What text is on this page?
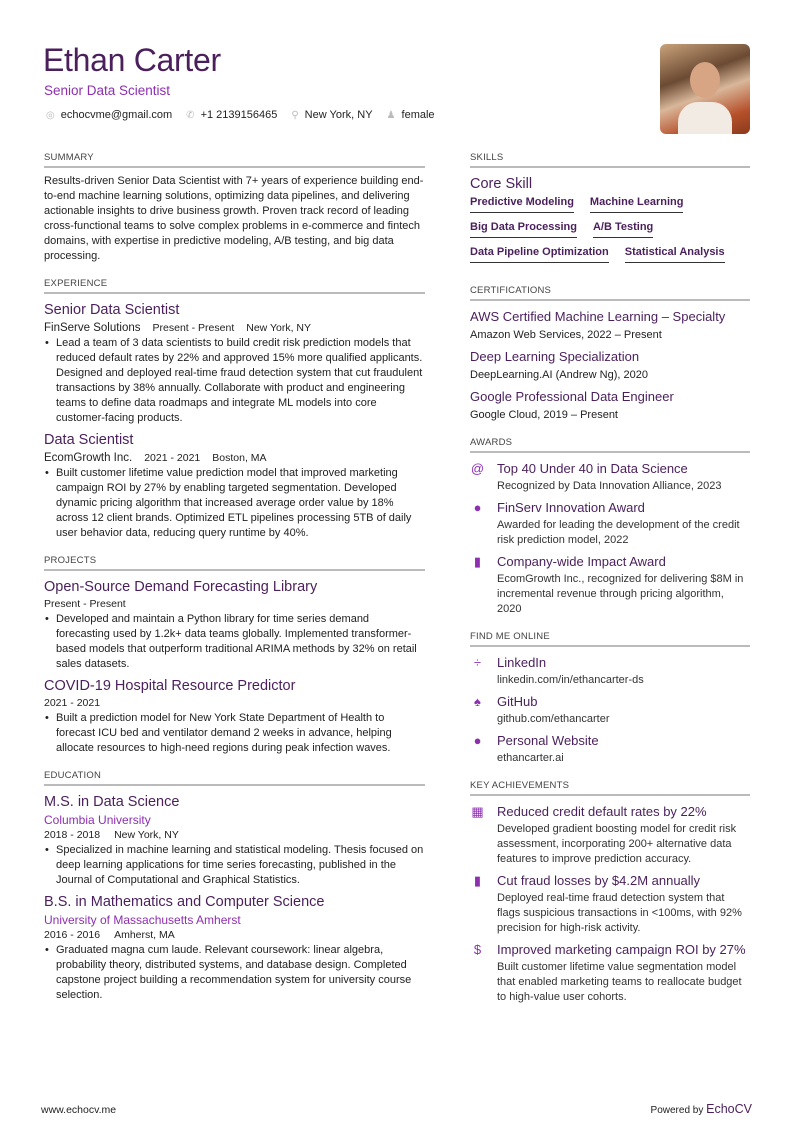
Ethan Carter
Senior Data Scientist
◎ echocvme@gmail.com ✆ +1 2139156465 ⚲ New York, NY ♟ female
SUMMARY

Results-driven Senior Data Scientist with 7+ years of experience building end-to-end machine learning solutions, optimizing data pipelines, and delivering actionable insights to drive business growth. Proven track record of leading cross-functional teams to solve complex problems in e-commerce and fintech domains, with expertise in predictive modeling, A/B testing, and big data processing.

EXPERIENCE
Senior Data Scientist
FinServe Solutions Present - Present New York, NY
• Lead a team of 3 data scientists to build credit risk prediction models that reduced default rates by 22% and approved 15% more qualified applicants. Designed and deployed real-time fraud detection system that cut fraudulent transactions by 38% annually. Collaborate with product and engineering teams to define data roadmaps and integrate ML models into core customer-facing products.
Data Scientist
EcomGrowth Inc. 2021 - 2021 Boston, MA
• Built customer lifetime value prediction model that improved marketing campaign ROI by 27% by enabling targeted segmentation. Developed dynamic pricing algorithm that increased average order value by 18% across 12 client brands. Optimized ETL pipelines processing 5TB of daily user behavior data, reducing query runtime by 40%.
PROJECTS
Open-Source Demand Forecasting Library
Present - Present
• Developed and maintain a Python library for time series demand forecasting used by 1.2k+ data teams globally. Implemented transformer-based models that outperform traditional ARIMA methods by 32% on retail sales datasets.
COVID-19 Hospital Resource Predictor
2021 - 2021
• Built a prediction model for New York State Department of Health to forecast ICU bed and ventilator demand 2 weeks in advance, helping allocate resources to high-need regions during peak infection waves.
EDUCATION
M.S. in Data Science
Columbia University
2018 - 2018 New York, NY
• Specialized in machine learning and statistical modeling. Thesis focused on deep learning applications for time series forecasting, published in the Journal of Computational and Graphical Statistics.
B.S. in Mathematics and Computer Science
University of Massachusetts Amherst
2016 - 2016 Amherst, MA
• Graduated magna cum laude. Relevant coursework: linear algebra, probability theory, distributed systems, and database design. Completed capstone project building a recommendation system for university course selection.
SKILLS
Core Skill
Predictive Modeling Machine Learning
Big Data Processing A/B Testing
Data Pipeline Optimization Statistical Analysis
CERTIFICATIONS
AWS Certified Machine Learning – Specialty
Amazon Web Services, 2022 – Present
Deep Learning Specialization
DeepLearning.AI (Andrew Ng), 2020
Google Professional Data Engineer
Google Cloud, 2019 – Present
AWARDS
@ Top 40 Under 40 in Data Science
Recognized by Data Innovation Alliance, 2023
● FinServ Innovation Award
Awarded for leading the development of the credit risk prediction model, 2022
▮	Company-wide Impact Award
EcomGrowth Inc., recognized for delivering $8M in incremental revenue through pricing algorithm, 2020
FIND ME ONLINE
÷	LinkedIn
linkedin.com/in/ethancarter-ds
♠	GitHub
github.com/ethancarter
● Personal Website
ethancarter.ai
KEY ACHIEVEMENTS
▦ Reduced credit default rates by 22%
Developed gradient boosting model for credit risk assessment, incorporating 200+ alternative data features to improve prediction accuracy.
▮	Cut fraud losses by $4.2M annually
Deployed real-time fraud detection system that flags suspicious transactions in <100ms, with 92% precision for high-risk activity.
$ Improved marketing campaign ROI by 27%
Built customer lifetime value segmentation model that enabled marketing teams to reallocate budget to high-value user cohorts.
www.echocv.me	Powered by EchoCV
